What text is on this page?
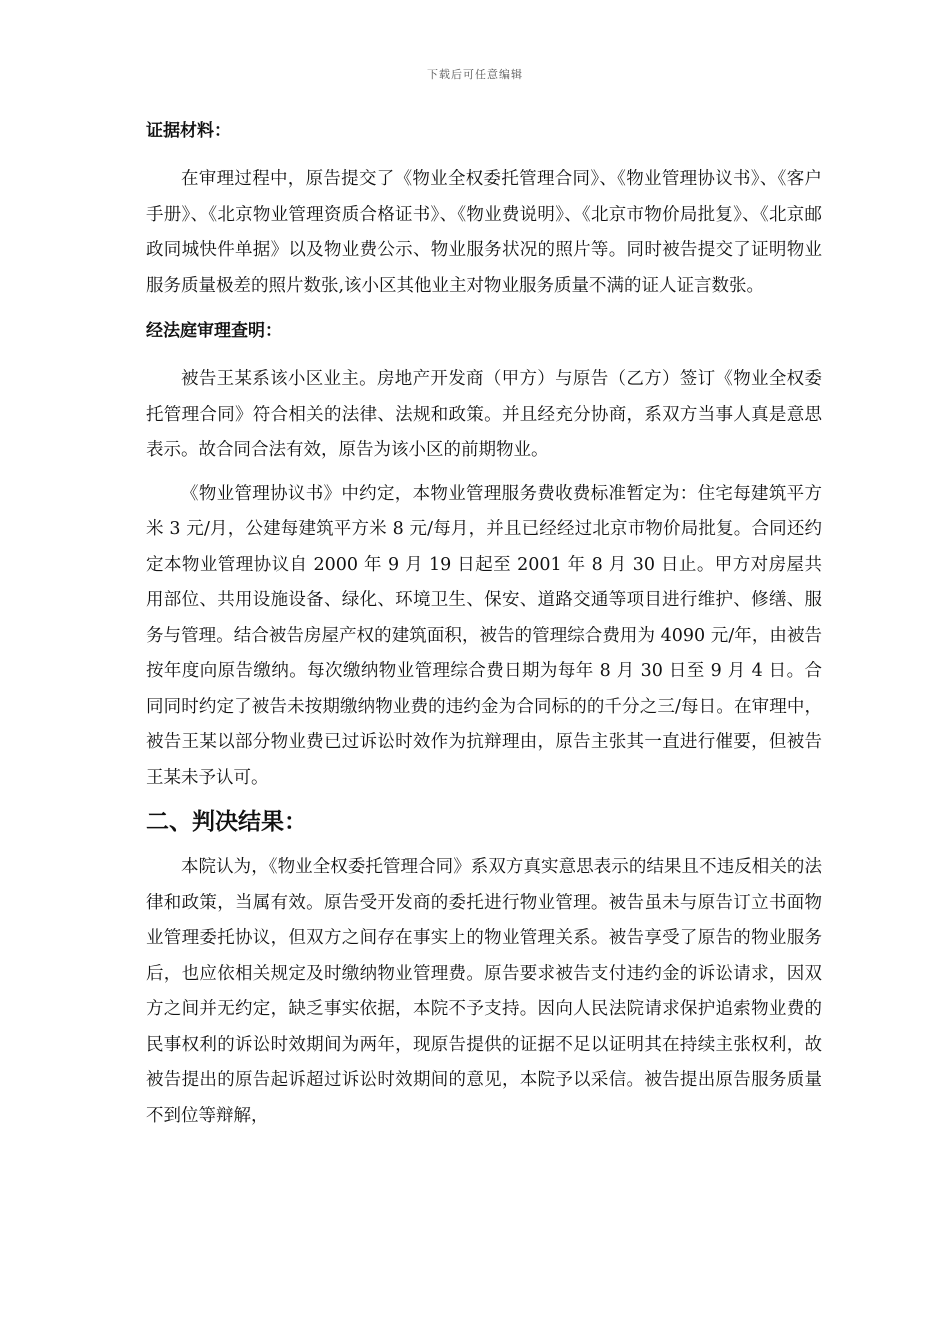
下载后可任意编辑

证据材料：

在审理过程中，原告提交了《物业全权委托管理合同》、《物业管理协议书》、《客户手册》、《北京物业管理资质合格证书》、《物业费说明》、《北京市物价局批复》、《北京邮政同城快件单据》以及物业费公示、物业服务状况的照片等。同时被告提交了证明物业服务质量极差的照片数张,该小区其他业主对物业服务质量不满的证人证言数张。

经法庭审理查明：

被告王某系该小区业主。房地产开发商（甲方）与原告（乙方）签订《物业全权委托管理合同》符合相关的法律、法规和政策。并且经充分协商，系双方当事人真是意思表示。故合同合法有效，原告为该小区的前期物业。

《物业管理协议书》中约定，本物业管理服务费收费标准暂定为：住宅每建筑平方米 3 元/月，公建每建筑平方米 8 元/每月，并且已经经过北京市物价局批复。合同还约定本物业管理协议自 2000 年 9 月 19 日起至 2001 年 8 月 30 日止。甲方对房屋共用部位、共用设施设备、绿化、环境卫生、保安、道路交通等项目进行维护、修缮、服务与管理。结合被告房屋产权的建筑面积，被告的管理综合费用为 4090 元/年，由被告按年度向原告缴纳。每次缴纳物业管理综合费日期为每年 8 月 30 日至 9 月 4 日。合同同时约定了被告未按期缴纳物业费的违约金为合同标的的千分之三/每日。在审理中，被告王某以部分物业费已过诉讼时效作为抗辩理由，原告主张其一直进行催要，但被告王某未予认可。

二、判决结果：

本院认为，《物业全权委托管理合同》系双方真实意思表示的结果且不违反相关的法律和政策，当属有效。原告受开发商的委托进行物业管理。被告虽未与原告订立书面物业管理委托协议，但双方之间存在事实上的物业管理关系。被告享受了原告的物业服务后，也应依相关规定及时缴纳物业管理费。原告要求被告支付违约金的诉讼请求，因双方之间并无约定，缺乏事实依据，本院不予支持。因向人民法院请求保护追索物业费的民事权利的诉讼时效期间为两年，现原告提供的证据不足以证明其在持续主张权利，故被告提出的原告起诉超过诉讼时效期间的意见，本院予以采信。被告提出原告服务质量不到位等辩解，
